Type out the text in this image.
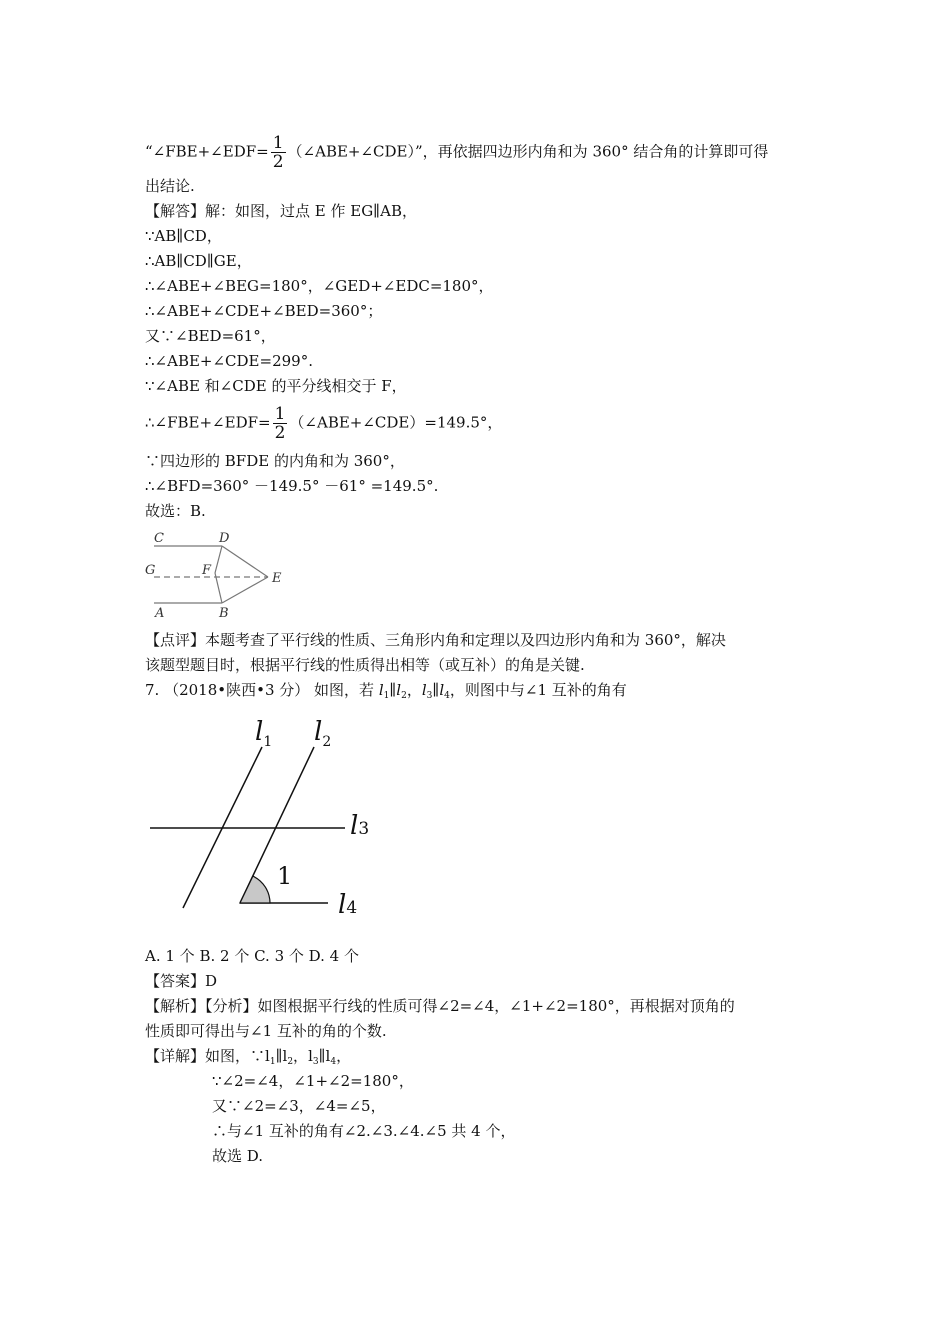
“∠FBE+∠EDF= $\frac{1}{2}$ （∠ABE+∠CDE）”，再依据四边形内角和为 360° 结合角的计算即可得
出结论.
【解答】解：如图，过点 E 作 EG∥AB，
∵AB∥CD，
∴AB∥CD∥GE，
∴∠ABE+∠BEG=180°，∠GED+∠EDC=180°，
∴∠ABE+∠CDE+∠BED=360°；
又∵∠BED=61°，
∴∠ABE+∠CDE=299°.
∵∠ABE 和∠CDE 的平分线相交于 F，
∴∠FBE+∠EDF= $\frac{1}{2}$ （∠ABE+∠CDE）=149.5°，
∵四边形的 BFDE 的内角和为 360°，
∴∠BFD=360° －149.5° －61° =149.5°.
故选：B.
C	D
G	F
E
A	B
【点评】本题考查了平行线的性质、三角形内角和定理以及四边形内角和为 360°，解决
该题型题目时，根据平行线的性质得出相等（或互补）的角是关键.
7. （2018•陕西•3 分） 如图，若 $l_1\parallel l_2$，$l_3\parallel l_4$，则图中与∠1 互补的角有
$l_1$ $l_2$
l3
l4
1
A. 1 个 B. 2 个 C. 3 个 D. 4 个
【答案】D
【解析】【分析】如图根据平行线的性质可得∠2=∠4，∠1+∠2=180°，再根据对顶角的
性质即可得出与∠1 互补的角的个数.
【详解】如图，$\because l_1\parallel l_2$，$l_3\parallel l_4$，
∵∠2=∠4，∠1+∠2=180°，
又∵∠2=∠3，∠4=∠5，
∴与∠1 互补的角有∠2.∠3.∠4.∠5 共 4 个，
故选 D.
